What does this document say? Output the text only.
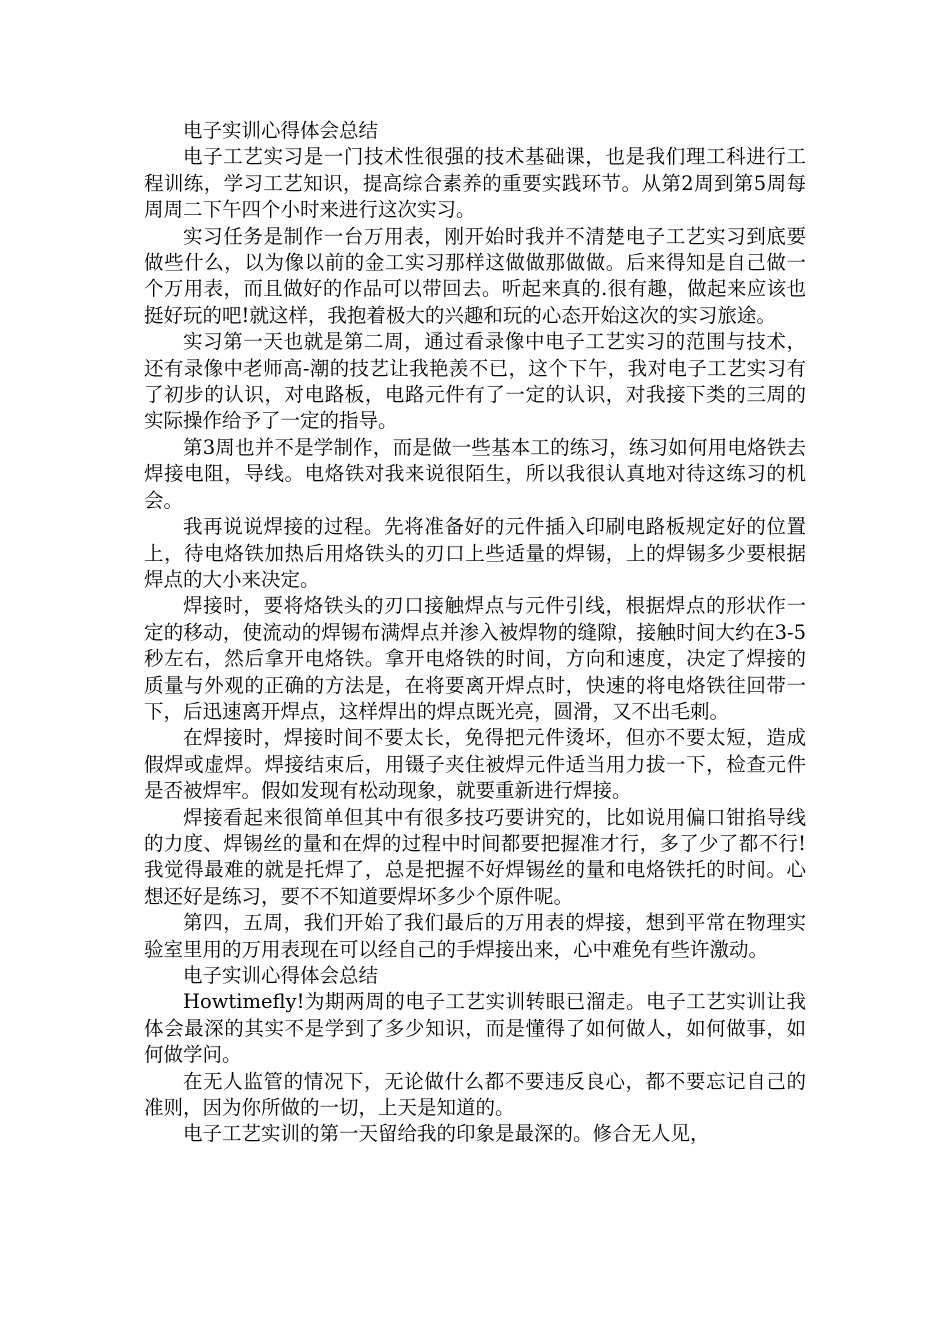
电子实训心得体会总结

电子工艺实习是一门技术性很强的技术基础课，也是我们理工科进行工程训练，学习工艺知识，提高综合素养的重要实践环节。从第2周到第5周每周周二下午四个小时来进行这次实习。

实习任务是制作一台万用表，刚开始时我并不清楚电子工艺实习到底要做些什么，以为像以前的金工实习那样这做做那做做。后来得知是自己做一个万用表，而且做好的作品可以带回去。听起来真的.很有趣，做起来应该也挺好玩的吧!就这样，我抱着极大的兴趣和玩的心态开始这次的实习旅途。

实习第一天也就是第二周，通过看录像中电子工艺实习的范围与技术，还有录像中老师高-潮的技艺让我艳羡不已，这个下午，我对电子工艺实习有了初步的认识，对电路板，电路元件有了一定的认识，对我接下类的三周的实际操作给予了一定的指导。

第3周也并不是学制作，而是做一些基本工的练习，练习如何用电烙铁去焊接电阻，导线。电烙铁对我来说很陌生，所以我很认真地对待这练习的机会。

我再说说焊接的过程。先将准备好的元件插入印刷电路板规定好的位置上，待电烙铁加热后用烙铁头的刃口上些适量的焊锡，上的焊锡多少要根据焊点的大小来决定。

焊接时，要将烙铁头的刃口接触焊点与元件引线，根据焊点的形状作一定的移动，使流动的焊锡布满焊点并渗入被焊物的缝隙，接触时间大约在3-5秒左右，然后拿开电烙铁。拿开电烙铁的时间，方向和速度，决定了焊接的质量与外观的正确的方法是，在将要离开焊点时，快速的将电烙铁往回带一下，后迅速离开焊点，这样焊出的焊点既光亮，圆滑，又不出毛刺。

在焊接时，焊接时间不要太长，免得把元件烫坏，但亦不要太短，造成假焊或虚焊。焊接结束后，用镊子夹住被焊元件适当用力拔一下，检查元件是否被焊牢。假如发现有松动现象，就要重新进行焊接。

焊接看起来很简单但其中有很多技巧要讲究的，比如说用偏口钳掐导线的力度、焊锡丝的量和在焊的过程中时间都要把握准才行，多了少了都不行!我觉得最难的就是托焊了，总是把握不好焊锡丝的量和电烙铁托的时间。心想还好是练习，要不不知道要焊坏多少个原件呢。

第四，五周，我们开始了我们最后的万用表的焊接，想到平常在物理实验室里用的万用表现在可以经自己的手焊接出来，心中难免有些许激动。

电子实训心得体会总结

Howtimefly!为期两周的电子工艺实训转眼已溜走。电子工艺实训让我体会最深的其实不是学到了多少知识，而是懂得了如何做人，如何做事，如何做学问。

在无人监管的情况下，无论做什么都不要违反良心，都不要忘记自己的准则，因为你所做的一切，上天是知道的。

电子工艺实训的第一天留给我的印象是最深的。修合无人见，
